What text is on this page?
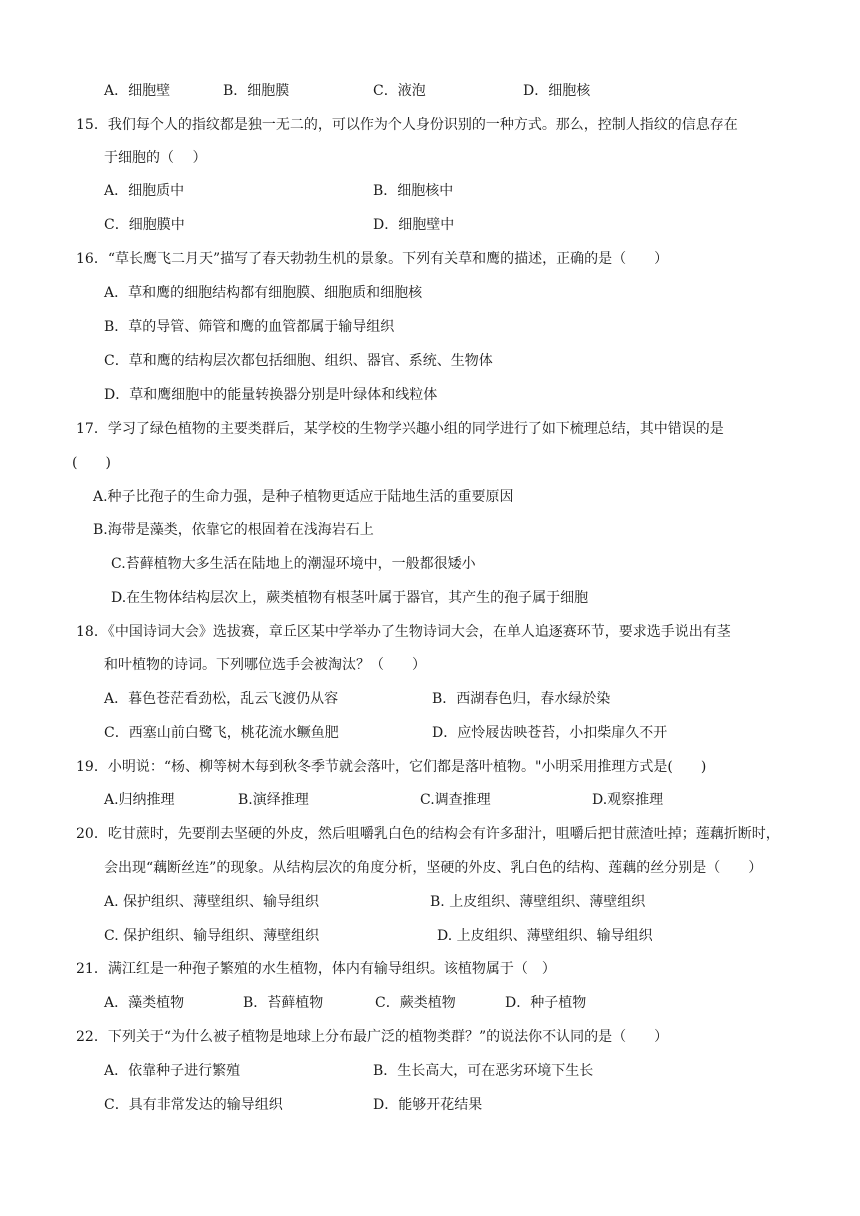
A．细胞壁	B．细胞膜	C．液泡	D．细胞核
15．我们每个人的指纹都是独一无二的，可以作为个人身份识别的一种方式。那么，控制人指纹的信息存在
于细胞的（　 ）
A．细胞质中	B．细胞核中
C．细胞膜中	D．细胞壁中
16．“草长鹰飞二月天”描写了春天勃勃生机的景象。下列有关草和鹰的描述，正确的是（　　）
A．草和鹰的细胞结构都有细胞膜、细胞质和细胞核
B．草的导管、筛管和鹰的血管都属于输导组织
C．草和鹰的结构层次都包括细胞、组织、器官、系统、生物体
D．草和鹰细胞中的能量转换器分别是叶绿体和线粒体
17．学习了绿色植物的主要类群后，某学校的生物学兴趣小组的同学进行了如下梳理总结，其中错误的是
(　　)
A.种子比孢子的生命力强，是种子植物更适应于陆地生活的重要原因
B.海带是藻类，依靠它的根固着在浅海岩石上
C.苔藓植物大多生活在陆地上的潮湿环境中，一般都很矮小
D.在生物体结构层次上，蕨类植物有根茎叶属于器官，其产生的孢子属于细胞
18．《中国诗词大会》选拔赛，章丘区某中学举办了生物诗词大会，在单人追逐赛环节，要求选手说出有茎
和叶植物的诗词。下列哪位选手会被淘汰？（　　）
A．暮色苍茫看劲松，乱云飞渡仍从容	B．西湖春色归，春水绿於染
C．西塞山前白鹭飞，桃花流水鳜鱼肥	D．应怜屐齿映苍苔，小扣柴扉久不开
19．小明说：“杨、柳等树木每到秋冬季节就会落叶，它们都是落叶植物。"小明采用推理方式是(　　)
A.归纳推理	B.演绎推理	C.调查推理	D.观察推理
20．吃甘蔗时，先要削去坚硬的外皮，然后咀嚼乳白色的结构会有许多甜汁，咀嚼后把甘蔗渣吐掉；莲藕折断时，
会出现“藕断丝连”的现象。从结构层次的角度分析，坚硬的外皮、乳白色的结构、莲藕的丝分别是（　　）
A. 保护组织、薄壁组织、输导组织	B. 上皮组织、薄壁组织、薄壁组织
C. 保护组织、输导组织、薄壁组织	D. 上皮组织、薄壁组织、输导组织
21．满江红是一种孢子繁殖的水生植物，体内有输导组织。该植物属于（　）
A．藻类植物	B．苔藓植物	C．蕨类植物	D．种子植物
22．下列关于“为什么被子植物是地球上分布最广泛的植物类群？”的说法你不认同的是（　　）
A．依靠种子进行繁殖	B．生长高大，可在恶劣环境下生长
C．具有非常发达的输导组织	D．能够开花结果
